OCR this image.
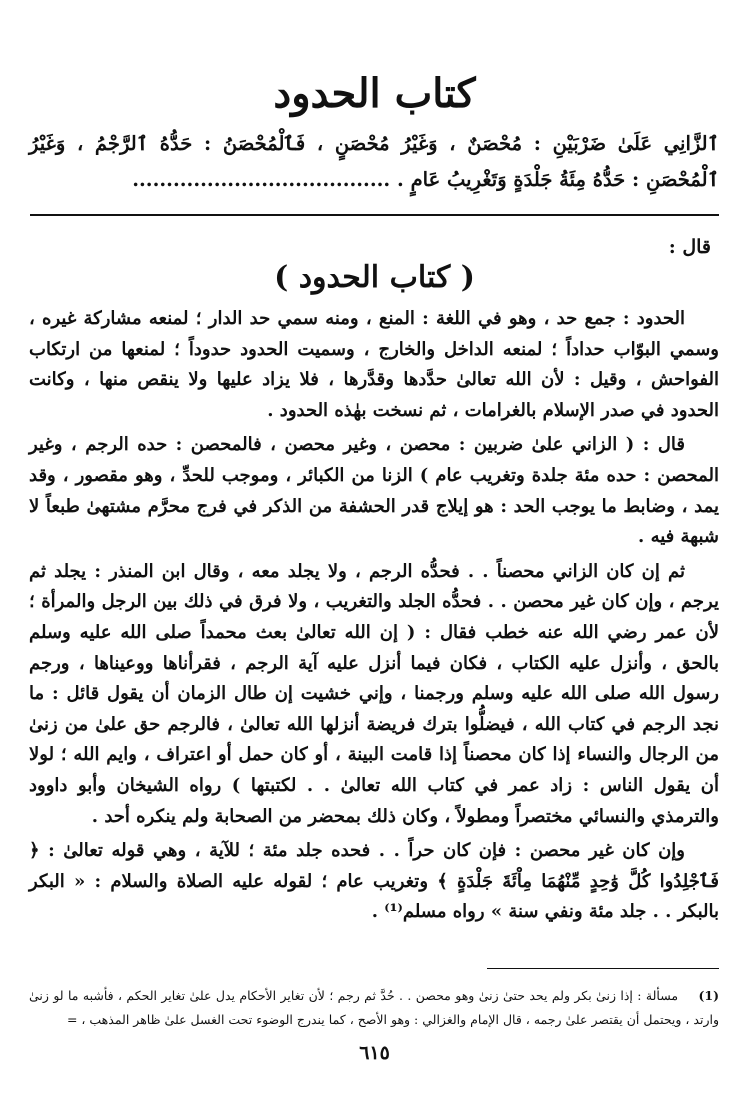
كتاب الحدود
ٱلزَّانِي عَلَىٰ ضَرْبَيْنِ : مُحْصَنٌ ، وَغَيْرُ مُحْصَنٍ ، فَٱلْمُحْصَنُ : حَدُّهُ ٱلرَّجْمُ ، وَغَيْرُ ٱلْمُحْصَنِ : حَدُّهُ مِئَةُ جَلْدَةٍ وَتَغْرِيبُ عَامٍ . ......................................
قال :
( كتاب الحدود )

الحدود : جمع حد ، وهو في اللغة : المنع ، ومنه سمي حد الدار ؛ لمنعه مشاركة غيره ، وسمي البوّاب حداداً ؛ لمنعه الداخل والخارج ، وسميت الحدود حدوداً ؛ لمنعها من ارتكاب الفواحش ، وقيل : لأن الله تعالىٰ حدَّدها وقدَّرها ، فلا يزاد عليها ولا ينقص منها ، وكانت الحدود في صدر الإسلام بالغرامات ، ثم نسخت بهٰذه الحدود .

قال : ( الزاني علىٰ ضربين : محصن ، وغير محصن ، فالمحصن : حده الرجم ، وغير المحصن : حده مئة جلدة وتغريب عام ) الزنا من الكبائر ، وموجب للحدِّ ، وهو مقصور ، وقد يمد ، وضابط ما يوجب الحد : هو إيلاج قدر الحشفة من الذكر في فرج محرَّم مشتهىٰ طبعاً لا شبهة فيه .

ثم إن كان الزاني محصناً . . فحدُّه الرجم ، ولا يجلد معه ، وقال ابن المنذر : يجلد ثم يرجم ، وإن كان غير محصن . . فحدُّه الجلد والتغريب ، ولا فرق في ذلك بين الرجل والمرأة ؛ لأن عمر رضي الله عنه خطب فقال : ( إن الله تعالىٰ بعث محمداً صلى الله عليه وسلم بالحق ، وأنزل عليه الكتاب ، فكان فيما أنزل عليه آية الرجم ، فقرأناها ووعيناها ، ورجم رسول الله صلى الله عليه وسلم ورجمنا ، وإني خشيت إن طال الزمان أن يقول قائل : ما نجد الرجم في كتاب الله ، فيضلُّوا بترك فريضة أنزلها الله تعالىٰ ، فالرجم حق علىٰ من زنىٰ من الرجال والنساء إذا كان محصناً إذا قامت البينة ، أو كان حمل أو اعتراف ، وايم الله ؛ لولا أن يقول الناس : زاد عمر في كتاب الله تعالىٰ . . لكتبتها ) رواه الشيخان وأبو داوود والترمذي والنسائي مختصراً ومطولاً ، وكان ذلك بمحضر من الصحابة ولم ينكره أحد .

وإن كان غير محصن : فإن كان حراً . . فحده جلد مئة ؛ للآية ، وهي قوله تعالىٰ : ﴿ فَٱجْلِدُوا كُلَّ وَٰحِدٍ مِّنْهُمَا مِاْئَةَ جَلْدَةٍ ﴾ وتغريب عام ؛ لقوله عليه الصلاة والسلام : « البكر بالبكر . . جلد مئة ونفي سنة » رواه مسلم⁽¹⁾ .

(1) مسألة : إذا زنىٰ بكر ولم يحد حتىٰ زنىٰ وهو محصن . . حُدَّ ثم رجم ؛ لأن تغاير الأحكام يدل علىٰ تغاير الحكم ، فأشبه ما لو زنىٰ وارتد ، ويحتمل أن يقتصر علىٰ رجمه ، قال الإمام والغزالي : وهو الأصح ، كما يندرج الوضوء تحت الغسل علىٰ ظاهر المذهب ، =
٦١٥
